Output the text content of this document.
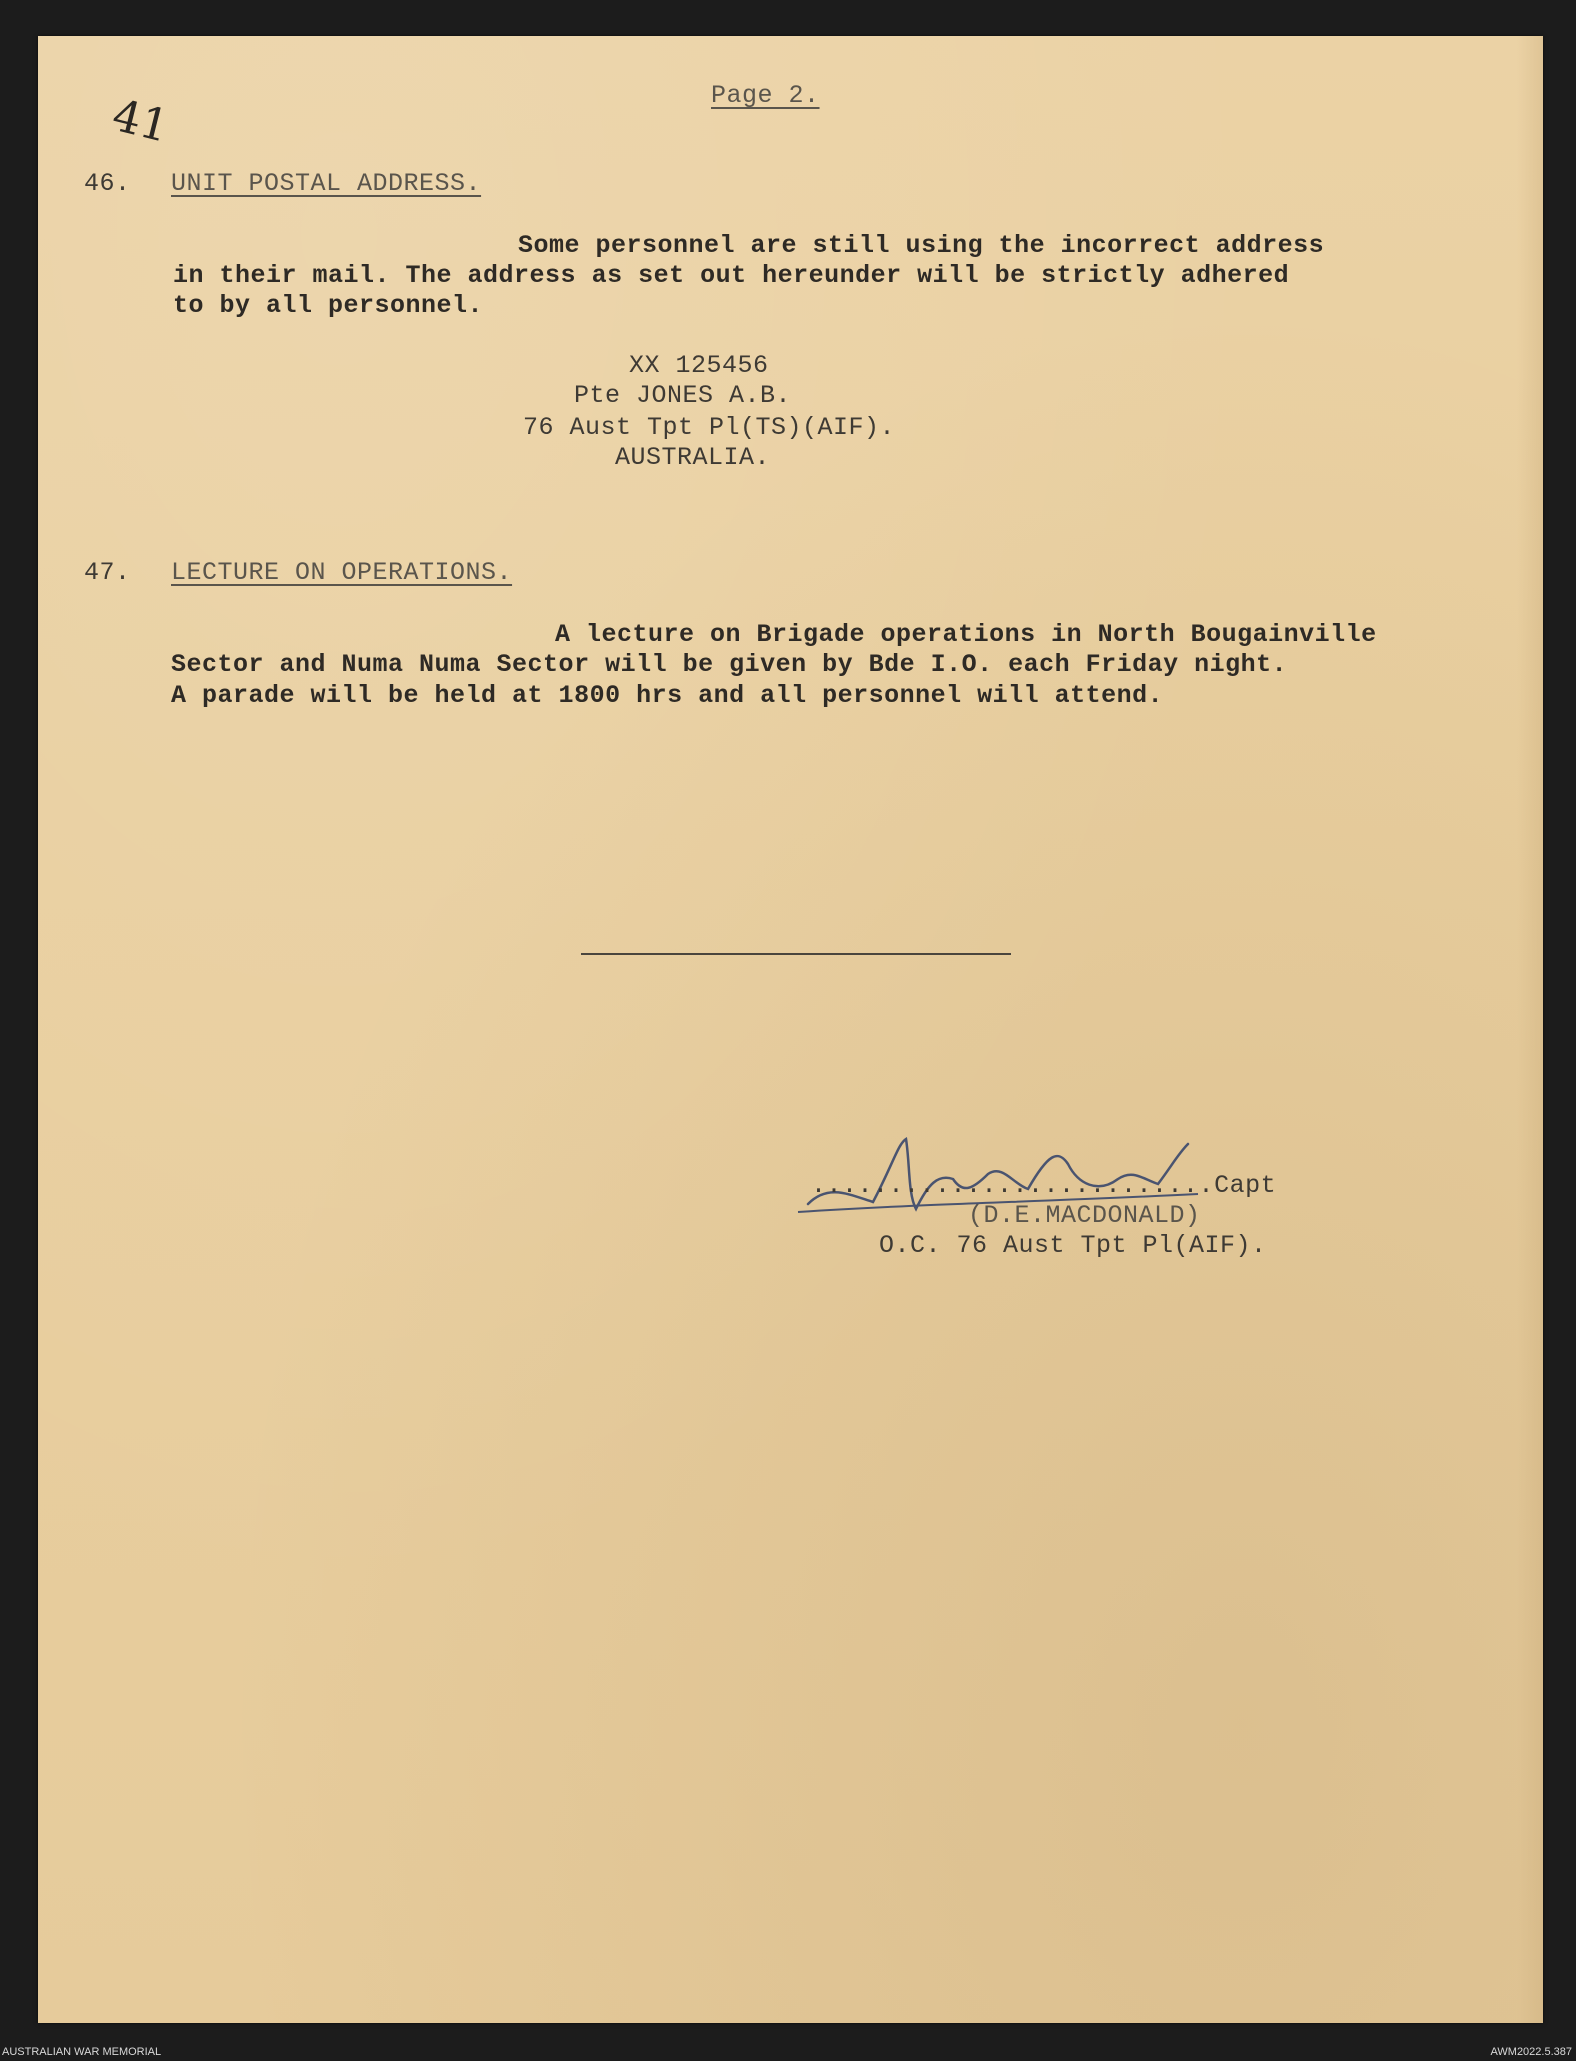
41	Page 2.

46. UNIT POSTAL ADDRESS.

Some personnel are still using the incorrect address

in their mail. The address as set out hereunder will be strictly adhered

to by all personnel.

XX 125456

Pte JONES A.B.

76 Aust Tpt Pl(TS)(AIF).

AUSTRALIA.

47. LECTURE ON OPERATIONS.

A lecture on Brigade operations in North Bougainville

Sector and Numa Numa Sector will be given by Bde I.O. each Friday night.

A parade will be held at 1800 hrs and all personnel will attend.

..........................Capt

(D.E.MACDONALD)

O.C. 76 Aust Tpt Pl(AIF).

AUSTRALIAN WAR MEMORIAL	AWM2022.5.387
